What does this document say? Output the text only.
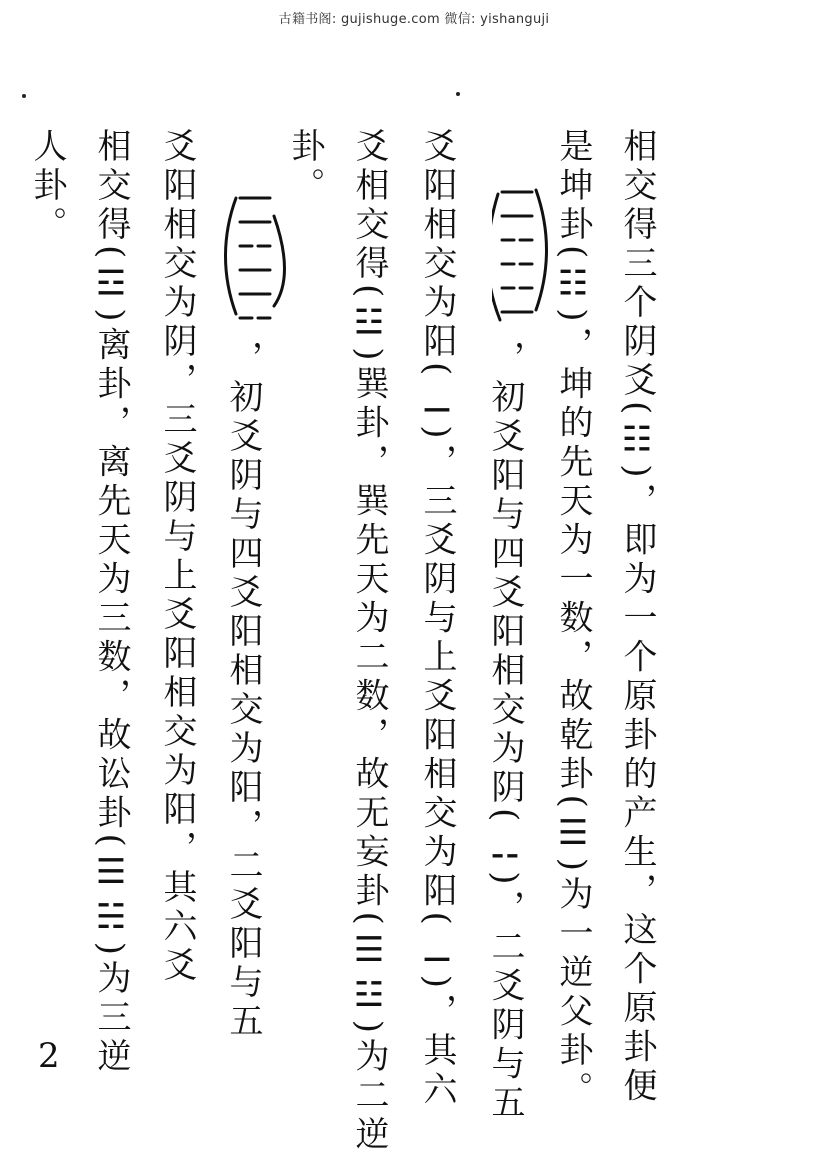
古籍书阁: gujishuge.com 微信: yishanguji
相交得三个阴爻(☷)，即为一个原卦的产生，这个原卦便
是坤卦(☷)，坤的先天为一数，故乾卦(☰)为一逆父卦。
，初爻阳与四爻阳相交为阴(⚋)，二爻阴与五
爻阳相交为阳(⚊)，三爻阴与上爻阳相交为阳(⚊)，其六
爻相交得(☳)巽卦，巽先天为二数，故无妄卦(☰☳)为二逆
卦。
，初爻阴与四爻阳相交为阳，二爻阳与五
爻阳相交为阴，三爻阴与上爻阳相交为阳，其六爻
相交得(☲)离卦，离先天为三数，故讼卦(☰☵)为三逆
人卦。
2
